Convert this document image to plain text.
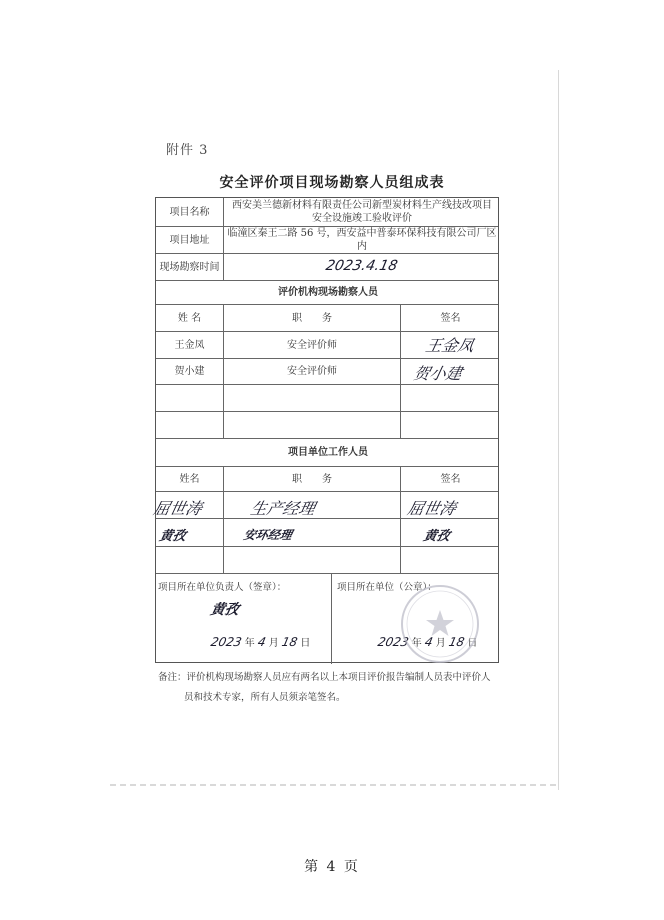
附件 3
安全评价项目现场勘察人员组成表
项目名称
西安美兰德新材料有限责任公司新型炭材料生产线技改项目
安全设施竣工验收评价
项目地址
临潼区秦王二路 56 号，西安益中普泰环保科技有限公司厂区内
现场勘察时间	2023.4.18
评价机构现场勘察人员
姓 名	职　　务	签名
王金凤	安全评价师	王金凤
贺小建	安全评价师	贺小建
项目单位工作人员
姓名	职　　务	签名
屈世涛	生产经理	屈世涛
黄孜	安环经理	黄孜
项目所在单位负责人（签章）：
黄孜
2023 年 4 月 18 日
项目所在单位（公章）：
2023 年 4 月 18 日
备注：评价机构现场勘察人员应有两名以上本项目评价报告编制人员表中评价人
员和技术专家，所有人员须亲笔签名。
第 4 页
